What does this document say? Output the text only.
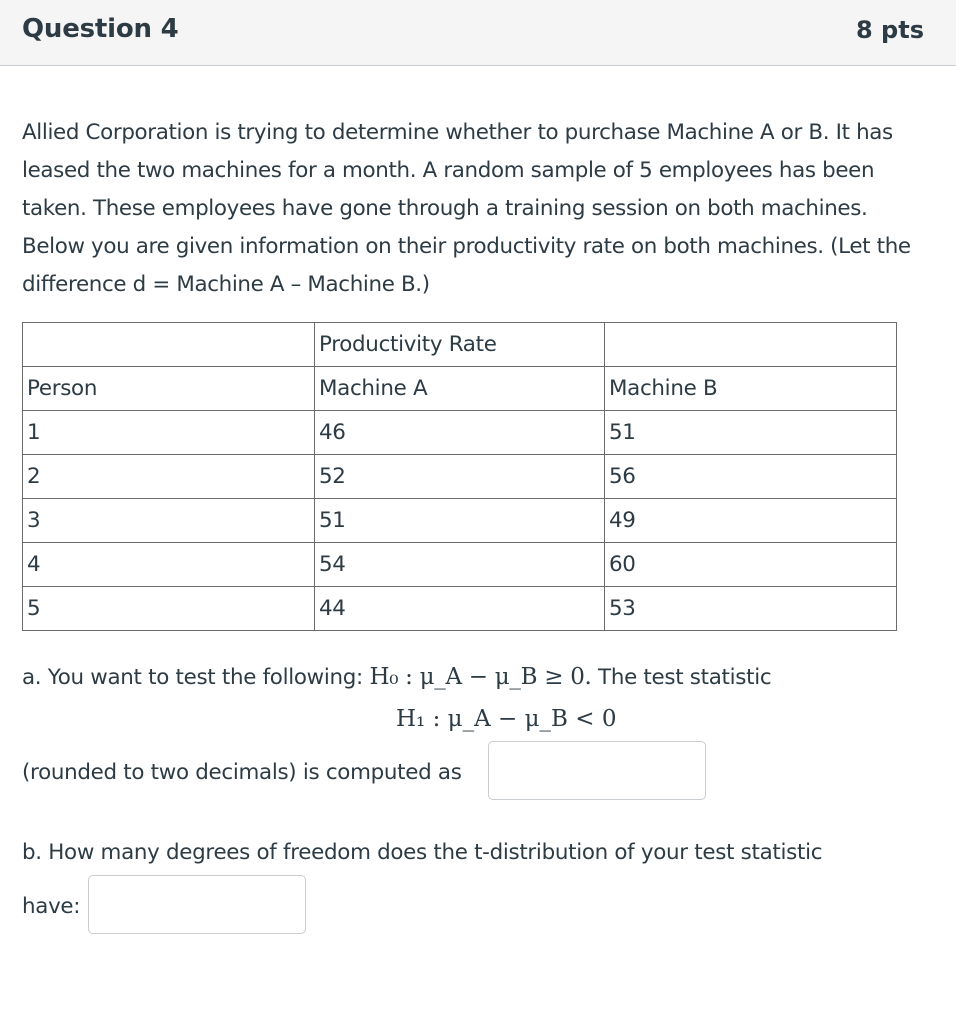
Question 4	8 pts
Allied Corporation is trying to determine whether to purchase Machine A or B. It has leased the two machines for a month. A random sample of 5 employees has been taken. These employees have gone through a training session on both machines. Below you are given information on their productivity rate on both machines. (Let the difference d = Machine A – Machine B.)
	Productivity Rate	
Person	Machine A	Machine B
1	46	51
2	52	56
3	51	49
4	54	60
5	44	53
a. You want to test the following: H₀ : μ_A − μ_B ≥ 0. The test statistic
H₁ : μ_A − μ_B < 0
(rounded to two decimals) is computed as
b. How many degrees of freedom does the t-distribution of your test statistic
have:
